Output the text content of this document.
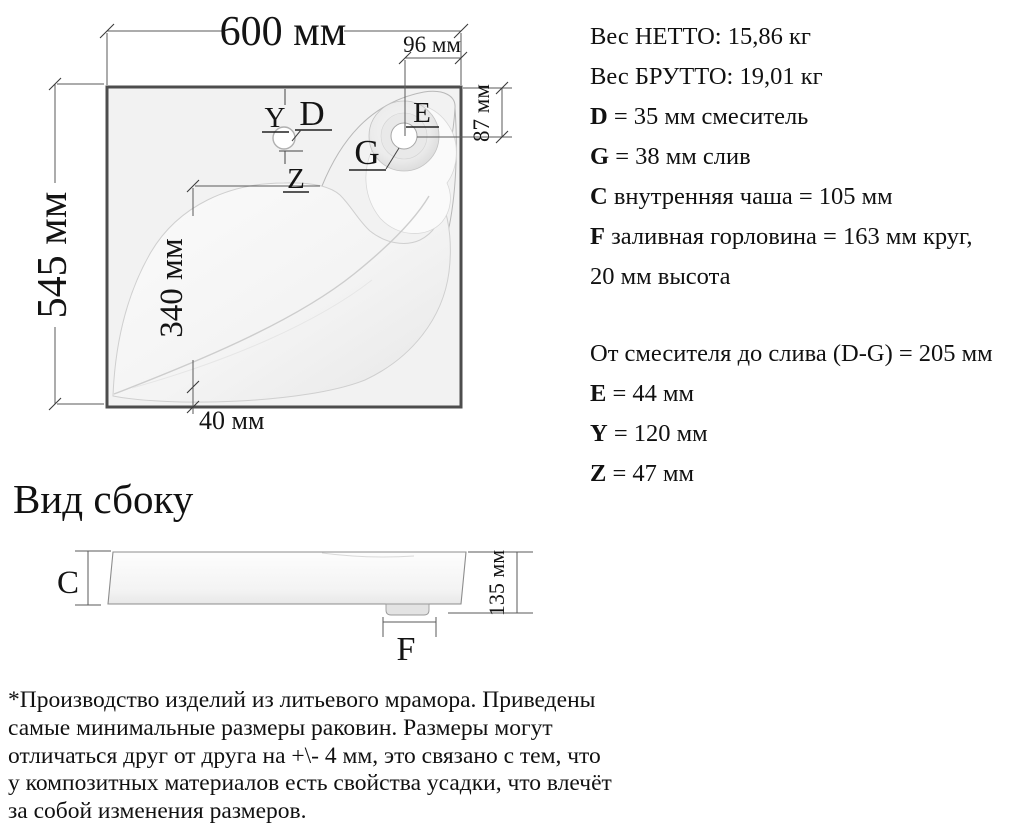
600 мм 96 мм
87 мм
545 мм 340 мм
40 мм
Y D
Z
G
E
Вид сбоку
C
F
135 мм
Вес НЕТТО: 15,86 кг
Вес БРУТТО: 19,01 кг
D = 35 мм смеситель
G = 38 мм слив
C внутренняя чаша = 105 мм
F заливная горловина = 163 мм круг,
20 мм высота
От смесителя до слива (D-G) = 205 мм
E = 44 мм
Y = 120 мм
Z = 47 мм
*Производство изделий из литьевого мрамора. Приведены
самые минимальные размеры раковин. Размеры могут
отличаться друг от друга на +\- 4 мм, это связано с тем, что
у композитных материалов есть свойства усадки, что влечёт
за собой изменения размеров.
